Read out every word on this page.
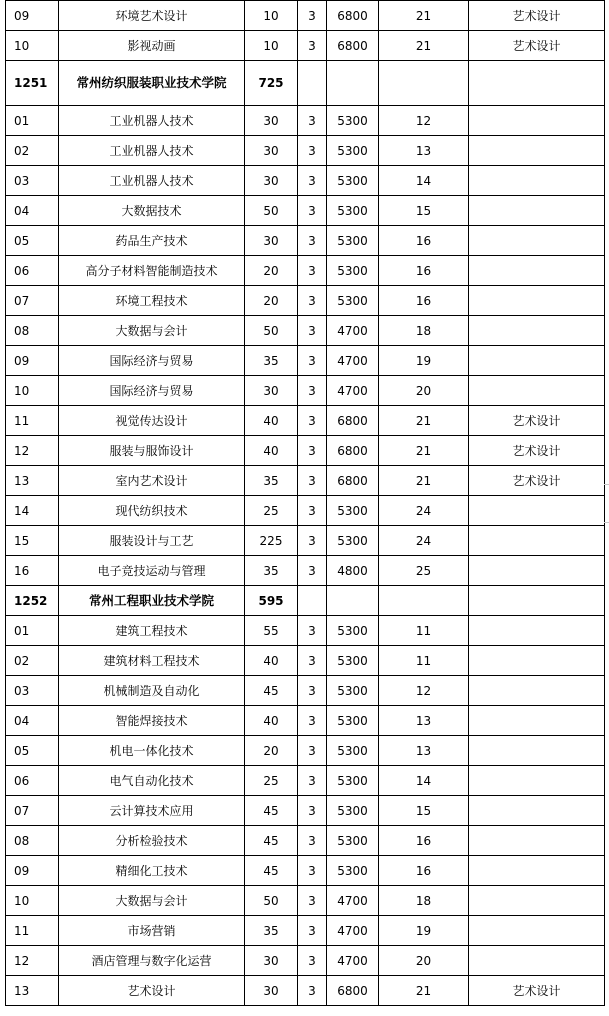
09	环境艺术设计	10	3	6800	21	艺术设计
10	影视动画	10	3	6800	21	艺术设计
1251	常州纺织服装职业技术学院	725				
01	工业机器人技术	30	3	5300	12	
02	工业机器人技术	30	3	5300	13	
03	工业机器人技术	30	3	5300	14	
04	大数据技术	50	3	5300	15	
05	药品生产技术	30	3	5300	16	
06	高分子材料智能制造技术	20	3	5300	16	
07	环境工程技术	20	3	5300	16	
08	大数据与会计	50	3	4700	18	
09	国际经济与贸易	35	3	4700	19	
10	国际经济与贸易	30	3	4700	20	
11	视觉传达设计	40	3	6800	21	艺术设计
12	服装与服饰设计	40	3	6800	21	艺术设计
13	室内艺术设计	35	3	6800	21	艺术设计
14	现代纺织技术	25	3	5300	24	
15	服装设计与工艺	225	3	5300	24	
16	电子竞技运动与管理	35	3	4800	25	
1252	常州工程职业技术学院	595				
01	建筑工程技术	55	3	5300	11	
02	建筑材料工程技术	40	3	5300	11	
03	机械制造及自动化	45	3	5300	12	
04	智能焊接技术	40	3	5300	13	
05	机电一体化技术	20	3	5300	13	
06	电气自动化技术	25	3	5300	14	
07	云计算技术应用	45	3	5300	15	
08	分析检验技术	45	3	5300	16	
09	精细化工技术	45	3	5300	16	
10	大数据与会计	50	3	4700	18	
11	市场营销	35	3	4700	19	
12	酒店管理与数字化运营	30	3	4700	20	
13	艺术设计	30	3	6800	21	艺术设计
